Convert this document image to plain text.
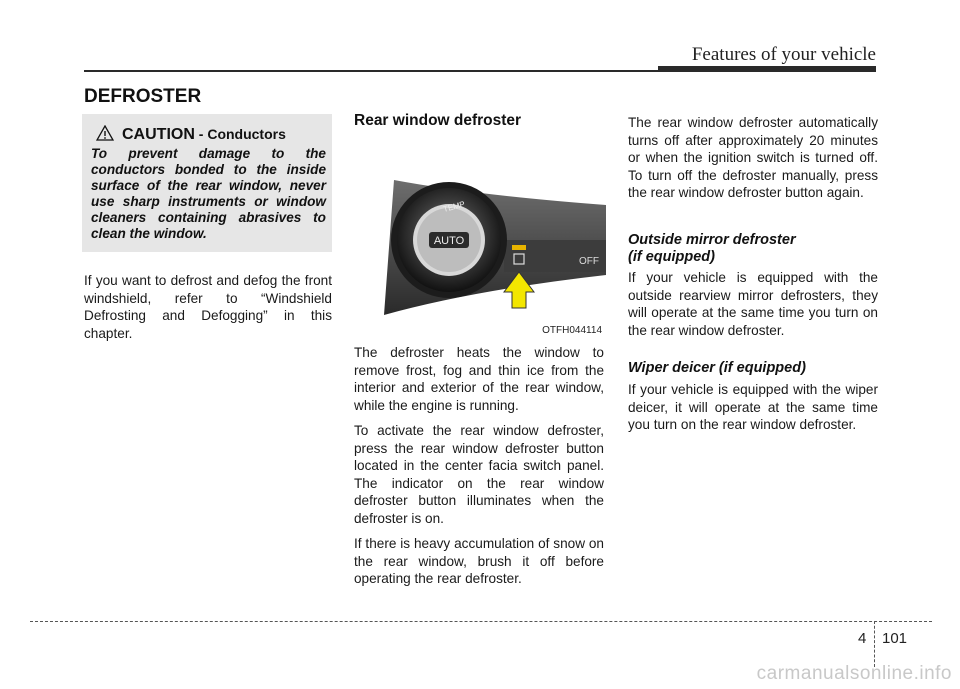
Features of your vehicle
DEFROSTER
CAUTION - Conductors
To prevent damage to the conductors bonded to the inside surface of the rear window, never use sharp instruments or window cleaners containing abrasives to clean the window.
If you want to defrost and defog the front windshield, refer to “Windshield Defrosting and Defogging” in this chapter.
Rear window defroster
AUTO
TEMP
OFF
OTFH044114

The defroster heats the window to remove frost, fog and thin ice from the interior and exterior of the rear window, while the engine is running.

To activate the rear window defroster, press the rear window defroster button located in the center facia switch panel. The indicator on the rear window defroster button illuminates when the defroster is on.

If there is heavy accumulation of snow on the rear window, brush it off before operating the rear defroster.

The rear window defroster automatically turns off after approximately 20 minutes or when the ignition switch is turned off. To turn off the defroster manually, press the rear window defroster button again.
Outside mirror defroster
(if equipped)

If your vehicle is equipped with the outside rearview mirror defrosters, they will operate at the same time you turn on the rear window defroster.

Wiper deicer (if equipped)

If your vehicle is equipped with the wiper deicer, it will operate at the same time you turn on the rear window defroster.

4 101
carmanualsonline.info
